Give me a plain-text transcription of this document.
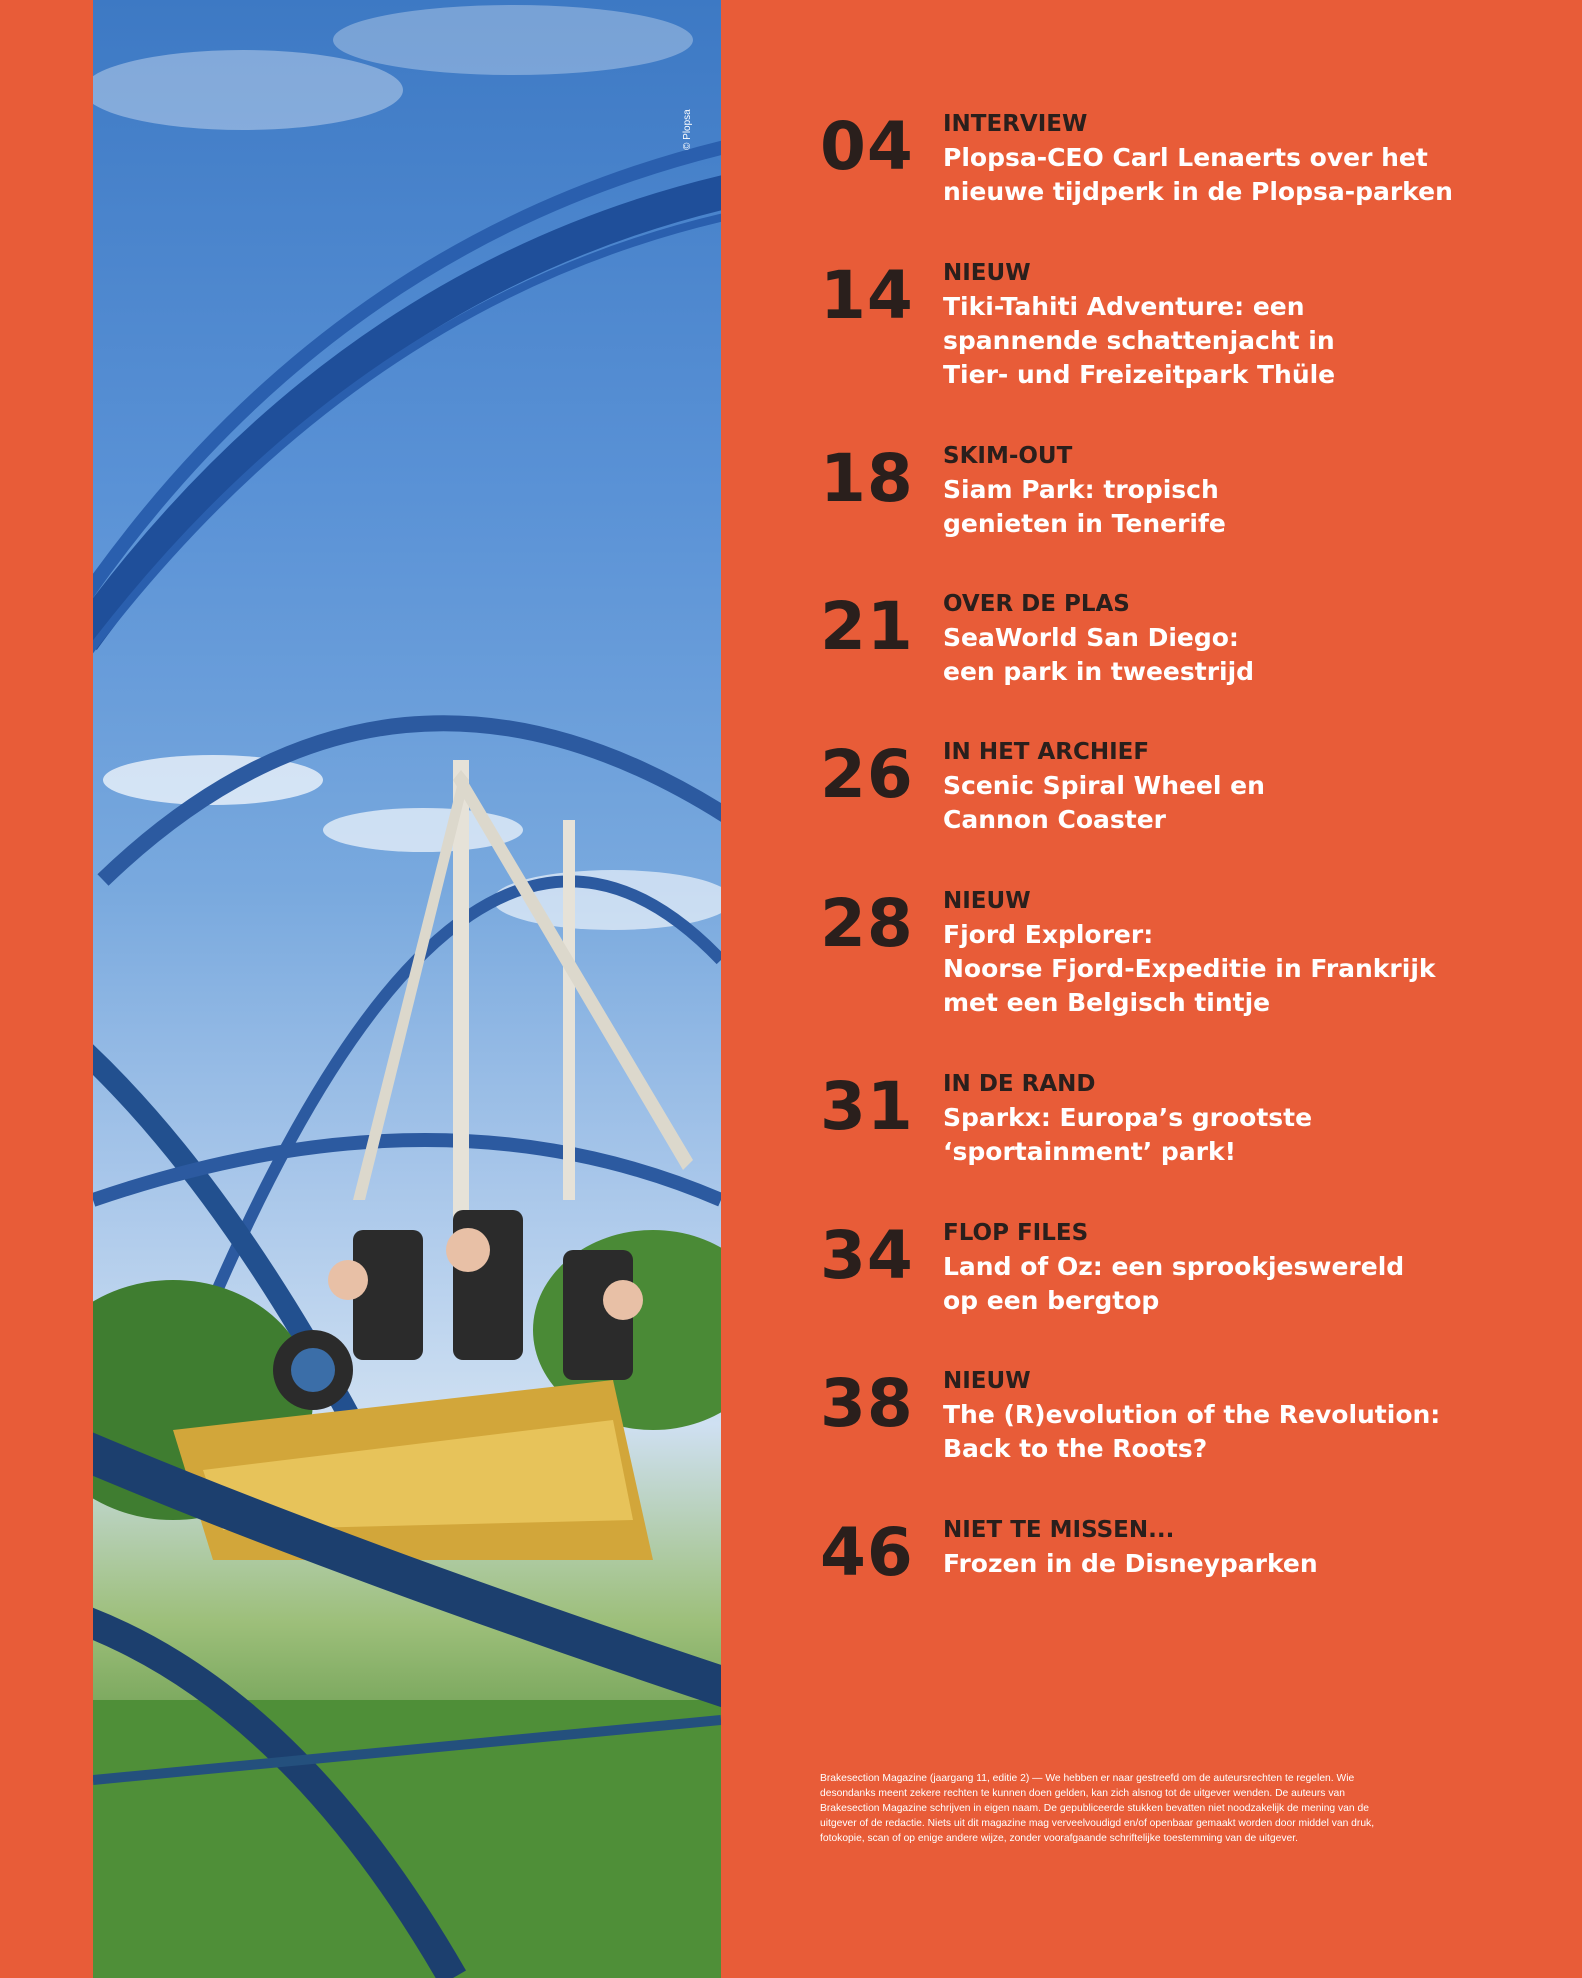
© Plopsa 04 INTERVIEW
Plopsa-CEO Carl Lenaerts over het
nieuwe tijdperk in de Plopsa-parken
14 NIEUW
Tiki-Tahiti Adventure: een
spannende schattenjacht in
Tier- und Freizeitpark Thüle
18 SKIM-OUT
Siam Park: tropisch
genieten in Tenerife
21 OVER DE PLAS
SeaWorld San Diego:
een park in tweestrijd
26 IN HET ARCHIEF
Scenic Spiral Wheel en
Cannon Coaster
28 NIEUW
Fjord Explorer:
Noorse Fjord-Expeditie in Frankrijk
met een Belgisch tintje
31 IN DE RAND
Sparkx: Europa’s grootste
‘sportainment’ park!
34 FLOP FILES
Land of Oz: een sprookjeswereld
op een bergtop
38 NIEUW
The (R)evolution of the Revolution:
Back to the Roots?
46 NIET TE MISSEN...
Frozen in de Disneyparken
Brakesection Magazine (jaargang 11, editie 2) — We hebben er naar gestreefd om de auteursrechten te regelen. Wie desondanks meent zekere rechten te kunnen doen gelden, kan zich alsnog tot de uitgever wenden. De auteurs van Brakesection Magazine schrijven in eigen naam. De gepubliceerde stukken bevatten niet noodzakelijk de mening van de uitgever of de redactie. Niets uit dit magazine mag verveelvoudigd en/of openbaar gemaakt worden door middel van druk, fotokopie, scan of op enige andere wijze, zonder voorafgaande schriftelijke toestemming van de uitgever.
